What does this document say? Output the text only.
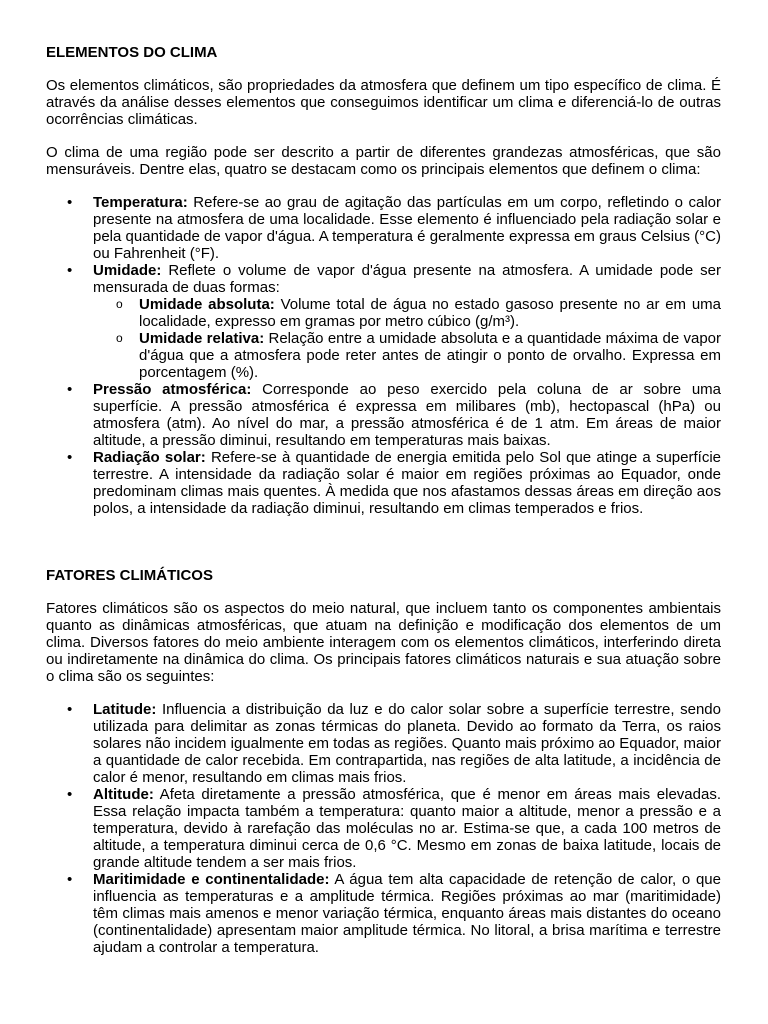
ELEMENTOS DO CLIMA

Os elementos climáticos, são propriedades da atmosfera que definem um tipo específico de clima. É através da análise desses elementos que conseguimos identificar um clima e diferenciá-lo de outras ocorrências climáticas.

O clima de uma região pode ser descrito a partir de diferentes grandezas atmosféricas, que são mensuráveis. Dentre elas, quatro se destacam como os principais elementos que definem o clima:

• Temperatura: Refere-se ao grau de agitação das partículas em um corpo, refletindo o calor presente na atmosfera de uma localidade. Esse elemento é influenciado pela radiação solar e pela quantidade de vapor d'água. A temperatura é geralmente expressa em graus Celsius (°C) ou Fahrenheit (°F).
• Umidade: Reflete o volume de vapor d'água presente na atmosfera. A umidade pode ser mensurada de duas formas:
o Umidade absoluta: Volume total de água no estado gasoso presente no ar em uma localidade, expresso em gramas por metro cúbico (g/m³).
o Umidade relativa: Relação entre a umidade absoluta e a quantidade máxima de vapor d'água que a atmosfera pode reter antes de atingir o ponto de orvalho. Expressa em porcentagem (%).
• Pressão atmosférica: Corresponde ao peso exercido pela coluna de ar sobre uma superfície. A pressão atmosférica é expressa em milibares (mb), hectopascal (hPa) ou atmosfera (atm). Ao nível do mar, a pressão atmosférica é de 1 atm. Em áreas de maior altitude, a pressão diminui, resultando em temperaturas mais baixas.
• Radiação solar: Refere-se à quantidade de energia emitida pelo Sol que atinge a superfície terrestre. A intensidade da radiação solar é maior em regiões próximas ao Equador, onde predominam climas mais quentes. À medida que nos afastamos dessas áreas em direção aos polos, a intensidade da radiação diminui, resultando em climas temperados e frios.
FATORES CLIMÁTICOS

Fatores climáticos são os aspectos do meio natural, que incluem tanto os componentes ambientais quanto as dinâmicas atmosféricas, que atuam na definição e modificação dos elementos de um clima. Diversos fatores do meio ambiente interagem com os elementos climáticos, interferindo direta ou indiretamente na dinâmica do clima. Os principais fatores climáticos naturais e sua atuação sobre o clima são os seguintes:

• Latitude: Influencia a distribuição da luz e do calor solar sobre a superfície terrestre, sendo utilizada para delimitar as zonas térmicas do planeta. Devido ao formato da Terra, os raios solares não incidem igualmente em todas as regiões. Quanto mais próximo ao Equador, maior a quantidade de calor recebida. Em contrapartida, nas regiões de alta latitude, a incidência de calor é menor, resultando em climas mais frios.
• Altitude: Afeta diretamente a pressão atmosférica, que é menor em áreas mais elevadas. Essa relação impacta também a temperatura: quanto maior a altitude, menor a pressão e a temperatura, devido à rarefação das moléculas no ar. Estima-se que, a cada 100 metros de altitude, a temperatura diminui cerca de 0,6 °C. Mesmo em zonas de baixa latitude, locais de grande altitude tendem a ser mais frios.
• Maritimidade e continentalidade: A água tem alta capacidade de retenção de calor, o que influencia as temperaturas e a amplitude térmica. Regiões próximas ao mar (maritimidade) têm climas mais amenos e menor variação térmica, enquanto áreas mais distantes do oceano (continentalidade) apresentam maior amplitude térmica. No litoral, a brisa marítima e terrestre ajudam a controlar a temperatura.
